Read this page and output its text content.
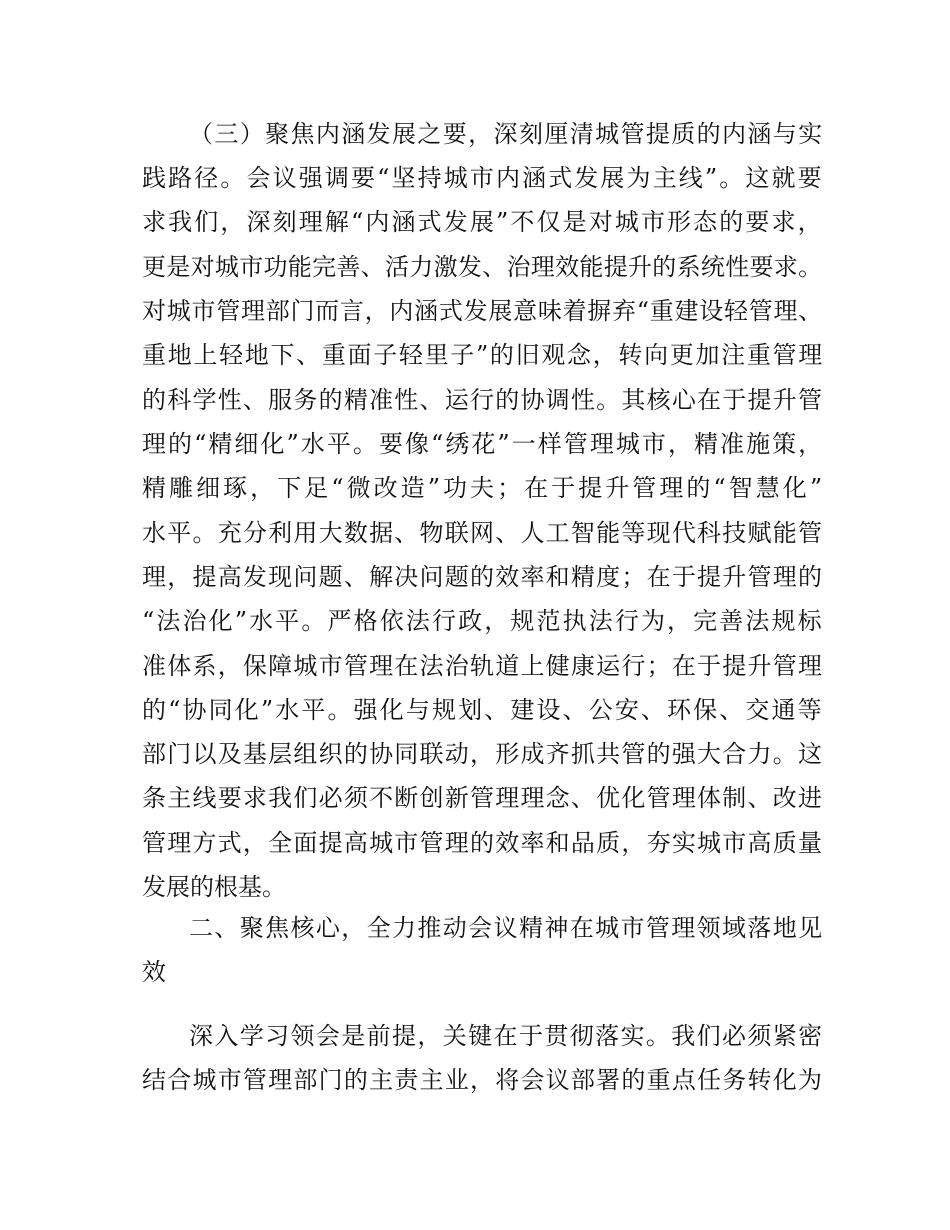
（三）聚焦内涵发展之要，深刻厘清城管提质的内涵与实
践路径。会议强调要“坚持城市内涵式发展为主线”。这就要
求我们，深刻理解“内涵式发展”不仅是对城市形态的要求，
更是对城市功能完善、活力激发、治理效能提升的系统性要求。
对城市管理部门而言，内涵式发展意味着摒弃“重建设轻管理、
重地上轻地下、重面子轻里子”的旧观念，转向更加注重管理
的科学性、服务的精准性、运行的协调性。其核心在于提升管
理的“精细化”水平。要像“绣花”一样管理城市，精准施策，
精雕细琢，下足“微改造”功夫；在于提升管理的“智慧化”
水平。充分利用大数据、物联网、人工智能等现代科技赋能管
理，提高发现问题、解决问题的效率和精度；在于提升管理的
“法治化”水平。严格依法行政，规范执法行为，完善法规标
准体系，保障城市管理在法治轨道上健康运行；在于提升管理
的“协同化”水平。强化与规划、建设、公安、环保、交通等
部门以及基层组织的协同联动，形成齐抓共管的强大合力。这
条主线要求我们必须不断创新管理理念、优化管理体制、改进
管理方式，全面提高城市管理的效率和品质，夯实城市高质量
发展的根基。
二、聚焦核心，全力推动会议精神在城市管理领域落地见
效
深入学习领会是前提，关键在于贯彻落实。我们必须紧密
结合城市管理部门的主责主业，将会议部署的重点任务转化为
